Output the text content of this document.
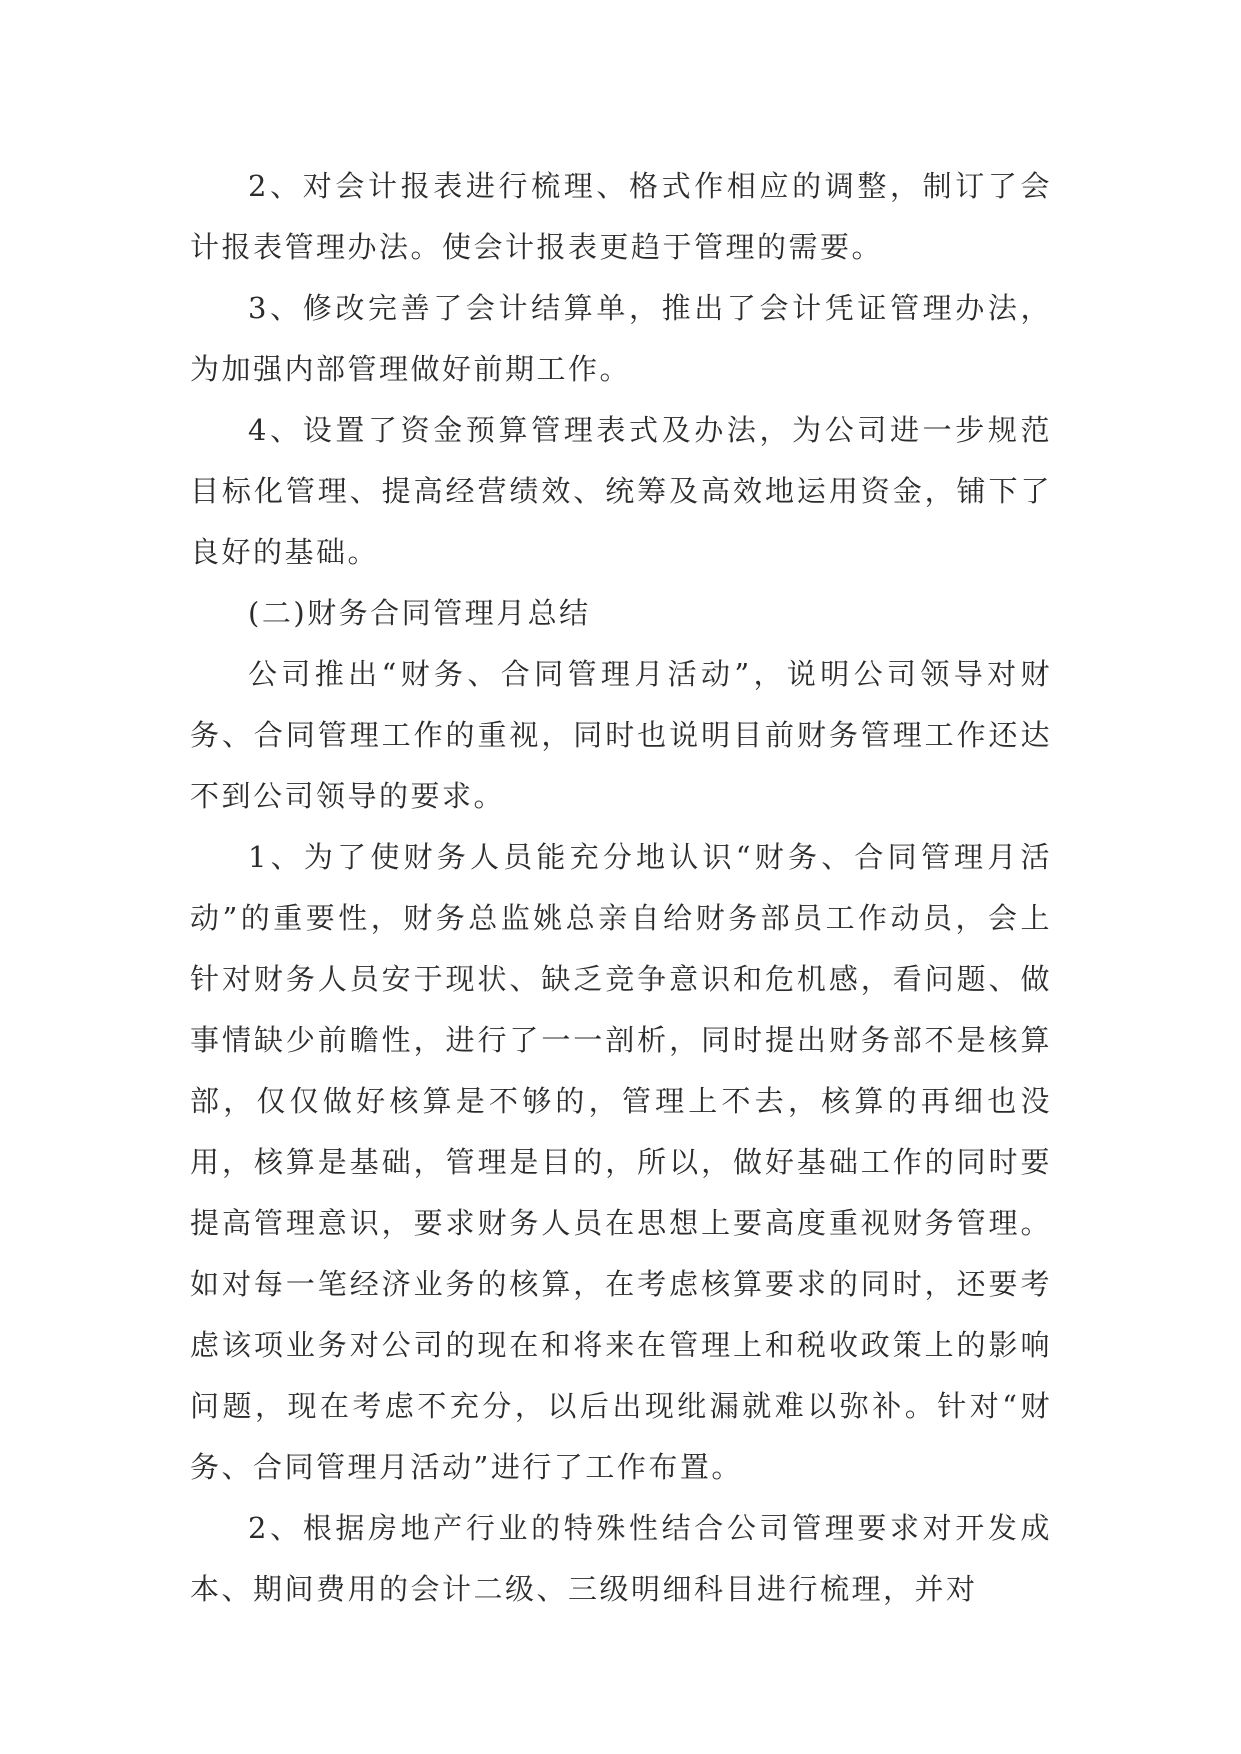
2、对会计报表进行梳理、格式作相应的调整，制订了会计报表管理办法。使会计报表更趋于管理的需要。

3、修改完善了会计结算单，推出了会计凭证管理办法，为加强内部管理做好前期工作。

4、设置了资金预算管理表式及办法，为公司进一步规范目标化管理、提高经营绩效、统筹及高效地运用资金，铺下了良好的基础。

(二)财务合同管理月总结

公司推出“财务、合同管理月活动”，说明公司领导对财务、合同管理工作的重视，同时也说明目前财务管理工作还达不到公司领导的要求。

1、为了使财务人员能充分地认识“财务、合同管理月活动”的重要性，财务总监姚总亲自给财务部员工作动员，会上针对财务人员安于现状、缺乏竞争意识和危机感，看问题、做事情缺少前瞻性，进行了一一剖析，同时提出财务部不是核算部，仅仅做好核算是不够的，管理上不去，核算的再细也没用，核算是基础，管理是目的，所以，做好基础工作的同时要提高管理意识，要求财务人员在思想上要高度重视财务管理。如对每一笔经济业务的核算，在考虑核算要求的同时，还要考虑该项业务对公司的现在和将来在管理上和税收政策上的影响问题，现在考虑不充分，以后出现纰漏就难以弥补。针对“财务、合同管理月活动”进行了工作布置。

2、根据房地产行业的特殊性结合公司管理要求对开发成本、期间费用的会计二级、三级明细科目进行梳理，并对
